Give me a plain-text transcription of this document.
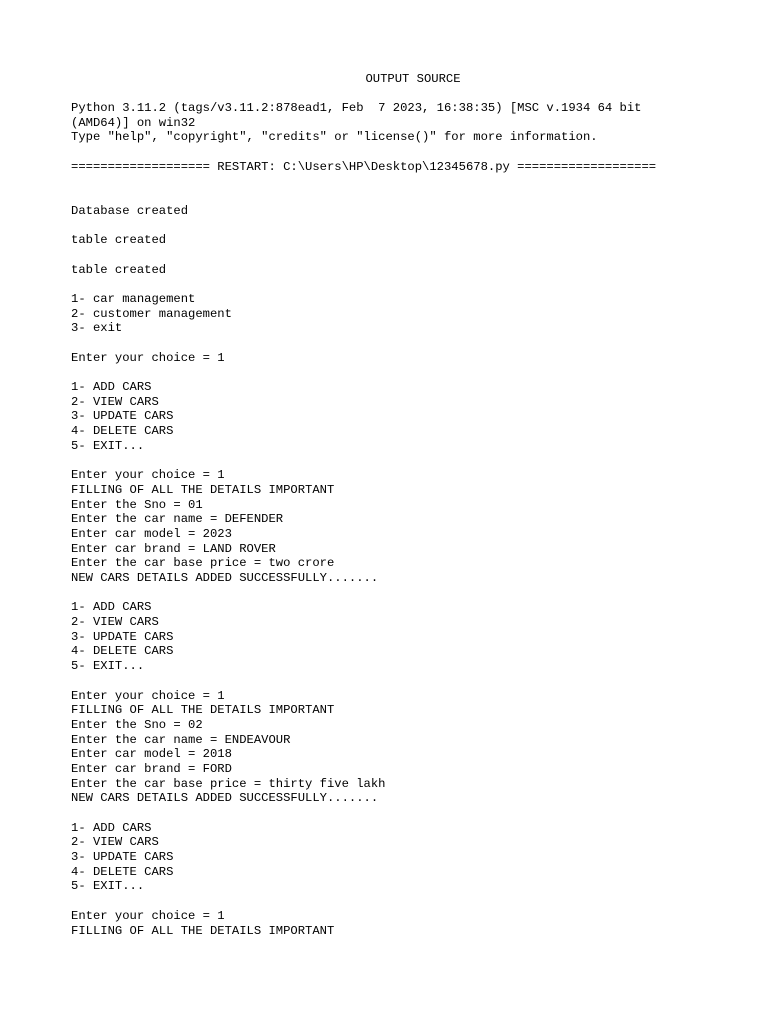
OUTPUT SOURCE
Python 3.11.2 (tags/v3.11.2:878ead1, Feb  7 2023, 16:38:35) [MSC v.1934 64 bit
(AMD64)] on win32
Type "help", "copyright", "credits" or "license()" for more information.
=================== RESTART: C:\Users\HP\Desktop\12345678.py ===================
Database created
table created
table created
1- car management
2- customer management
3- exit
Enter your choice = 1
1- ADD CARS
2- VIEW CARS
3- UPDATE CARS
4- DELETE CARS
5- EXIT...
Enter your choice = 1
FILLING OF ALL THE DETAILS IMPORTANT
Enter the Sno = 01
Enter the car name = DEFENDER
Enter car model = 2023
Enter car brand = LAND ROVER
Enter the car base price = two crore
NEW CARS DETAILS ADDED SUCCESSFULLY.......
1- ADD CARS
2- VIEW CARS
3- UPDATE CARS
4- DELETE CARS
5- EXIT...
Enter your choice = 1
FILLING OF ALL THE DETAILS IMPORTANT
Enter the Sno = 02
Enter the car name = ENDEAVOUR
Enter car model = 2018
Enter car brand = FORD
Enter the car base price = thirty five lakh
NEW CARS DETAILS ADDED SUCCESSFULLY.......
1- ADD CARS
2- VIEW CARS
3- UPDATE CARS
4- DELETE CARS
5- EXIT...
Enter your choice = 1
FILLING OF ALL THE DETAILS IMPORTANT
